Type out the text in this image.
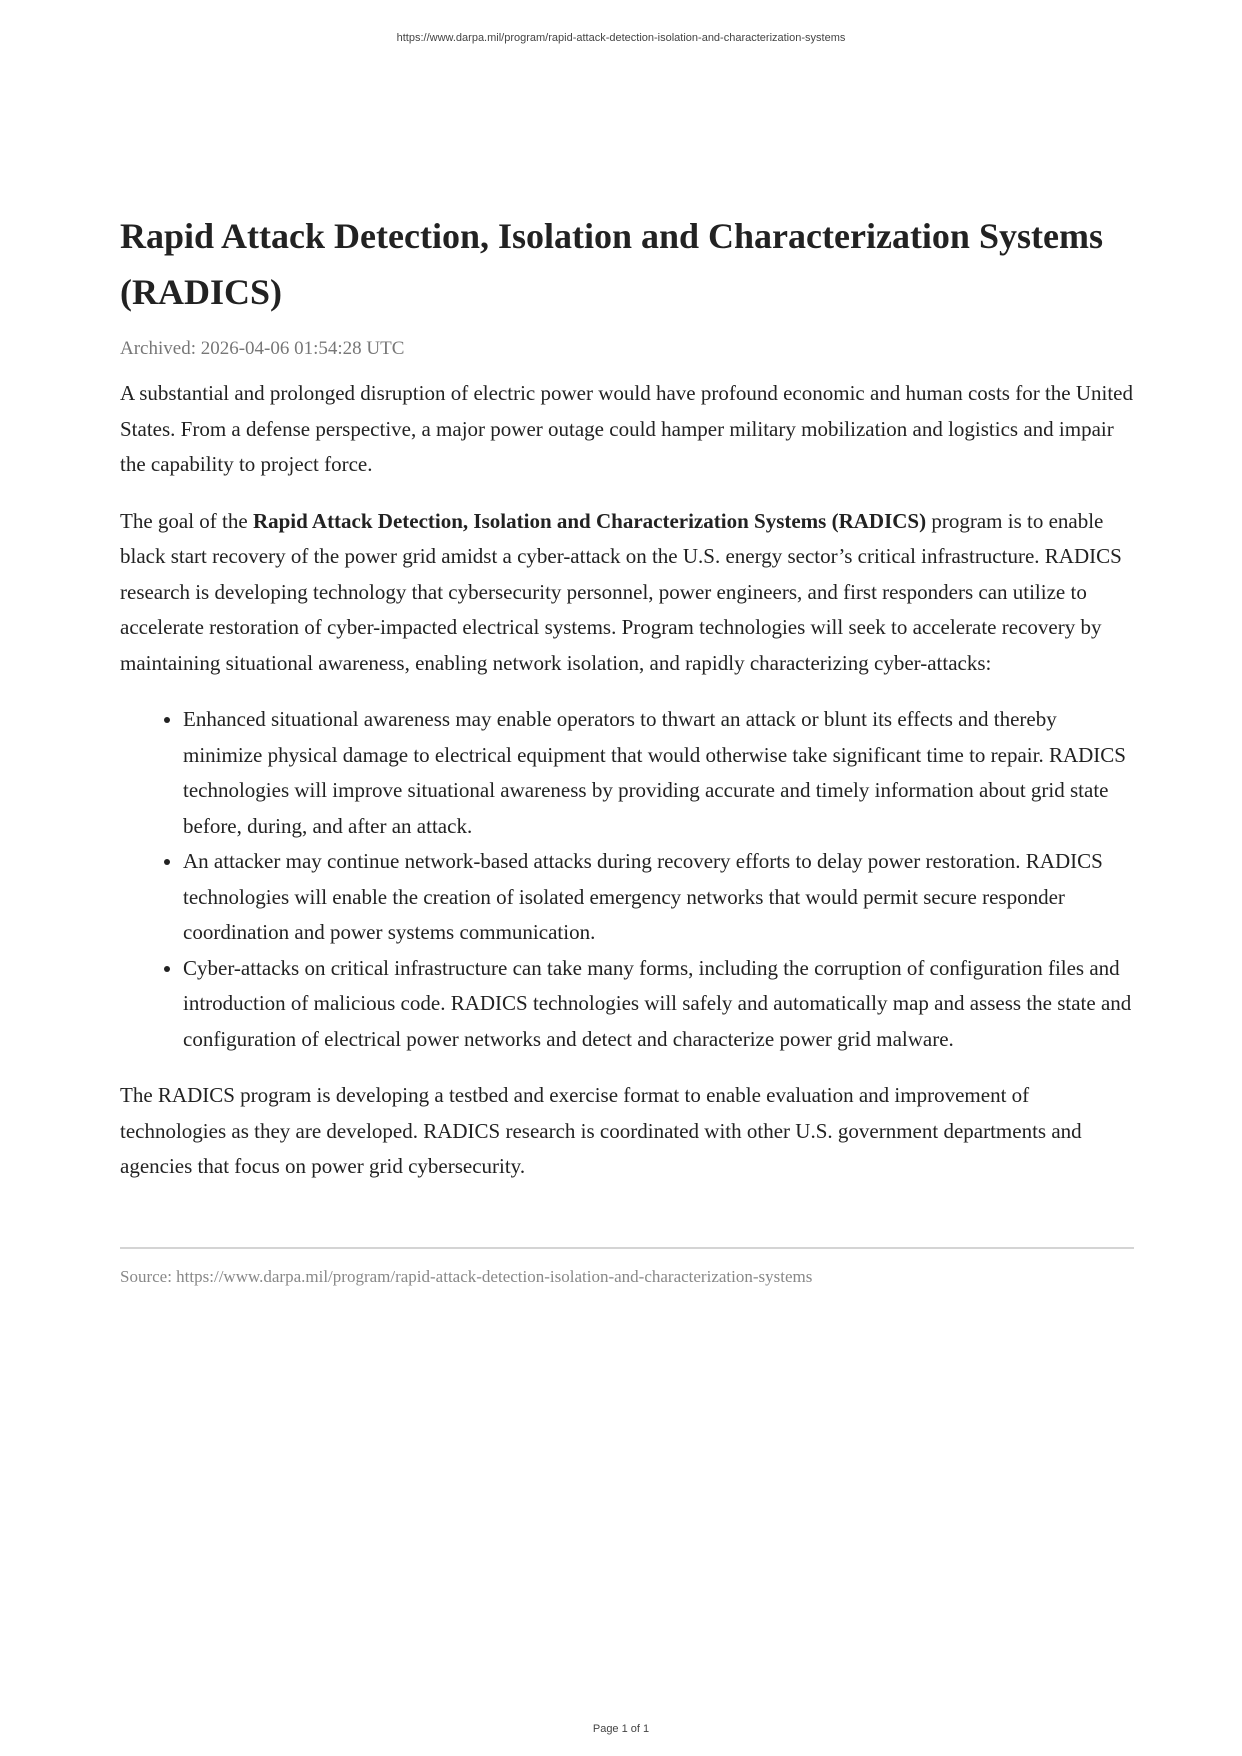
https://www.darpa.mil/program/rapid-attack-detection-isolation-and-characterization-systems
Rapid Attack Detection, Isolation and Characterization Systems (RADICS)
Archived: 2026-04-06 01:54:28 UTC

A substantial and prolonged disruption of electric power would have profound economic and human costs for the United States. From a defense perspective, a major power outage could hamper military mobilization and logistics and impair the capability to project force.

The goal of the Rapid Attack Detection, Isolation and Characterization Systems (RADICS) program is to enable black start recovery of the power grid amidst a cyber-attack on the U.S. energy sector’s critical infrastructure. RADICS research is developing technology that cybersecurity personnel, power engineers, and first responders can utilize to accelerate restoration of cyber-impacted electrical systems. Program technologies will seek to accelerate recovery by maintaining situational awareness, enabling network isolation, and rapidly characterizing cyber-attacks:

• Enhanced situational awareness may enable operators to thwart an attack or blunt its effects and thereby minimize physical damage to electrical equipment that would otherwise take significant time to repair. RADICS technologies will improve situational awareness by providing accurate and timely information about grid state before, during, and after an attack.
• An attacker may continue network-based attacks during recovery efforts to delay power restoration. RADICS technologies will enable the creation of isolated emergency networks that would permit secure responder coordination and power systems communication.
• Cyber-attacks on critical infrastructure can take many forms, including the corruption of configuration files and introduction of malicious code. RADICS technologies will safely and automatically map and assess the state and configuration of electrical power networks and detect and characterize power grid malware.

The RADICS program is developing a testbed and exercise format to enable evaluation and improvement of technologies as they are developed. RADICS research is coordinated with other U.S. government departments and agencies that focus on power grid cybersecurity.

Source: https://www.darpa.mil/program/rapid-attack-detection-isolation-and-characterization-systems
Page 1 of 1
